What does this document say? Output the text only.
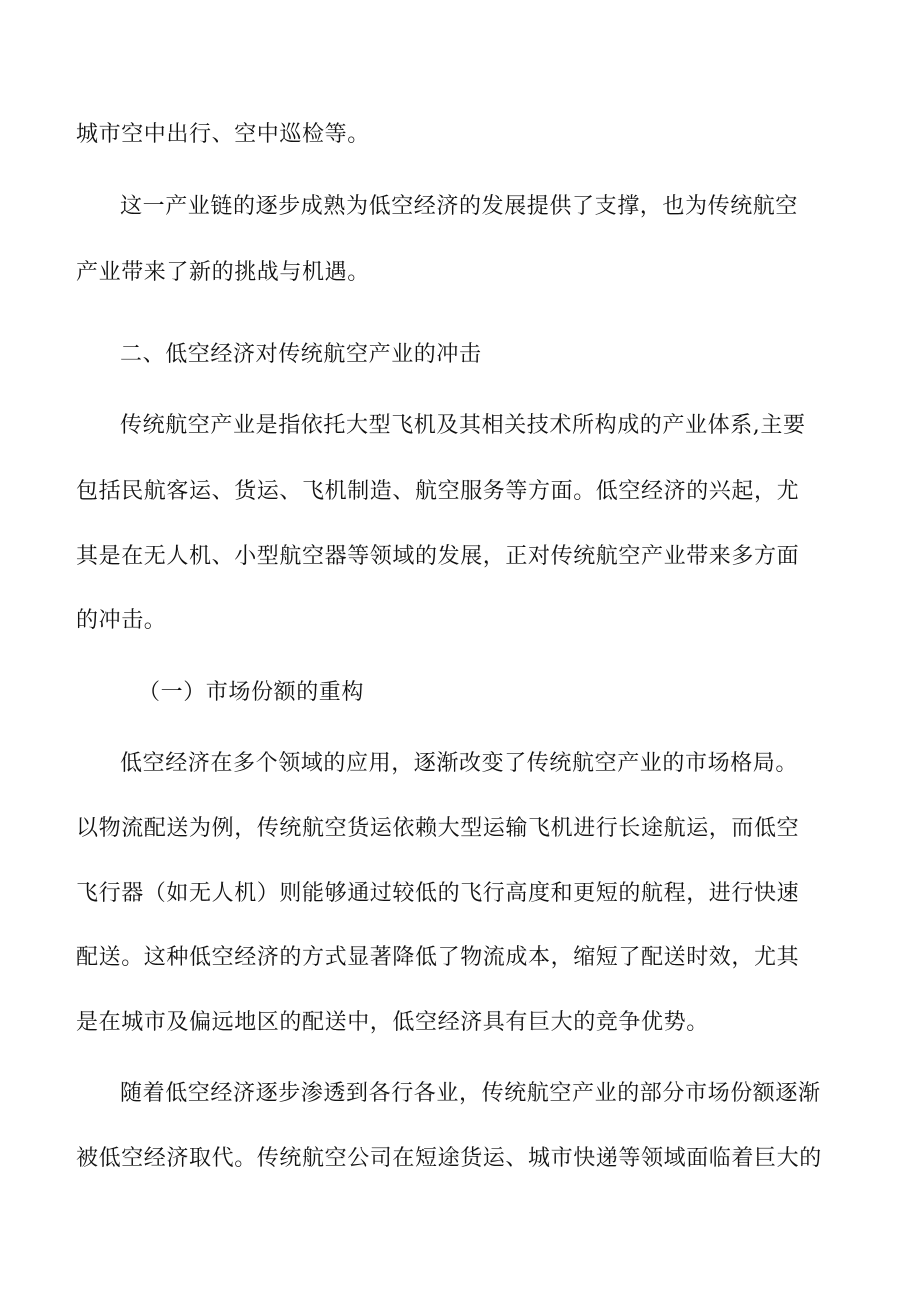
城市空中出行、空中巡检等。
这一产业链的逐步成熟为低空经济的发展提供了支撑，也为传统航空
产业带来了新的挑战与机遇。
二、低空经济对传统航空产业的冲击
传统航空产业是指依托大型飞机及其相关技术所构成的产业体系,主要
包括民航客运、货运、飞机制造、航空服务等方面。低空经济的兴起，尤
其是在无人机、小型航空器等领域的发展，正对传统航空产业带来多方面
的冲击。
（一）市场份额的重构
低空经济在多个领域的应用，逐渐改变了传统航空产业的市场格局。
以物流配送为例，传统航空货运依赖大型运输飞机进行长途航运，而低空
飞行器（如无人机）则能够通过较低的飞行高度和更短的航程，进行快速
配送。这种低空经济的方式显著降低了物流成本，缩短了配送时效，尤其
是在城市及偏远地区的配送中，低空经济具有巨大的竞争优势。
随着低空经济逐步渗透到各行各业，传统航空产业的部分市场份额逐渐
被低空经济取代。传统航空公司在短途货运、城市快递等领域面临着巨大的
